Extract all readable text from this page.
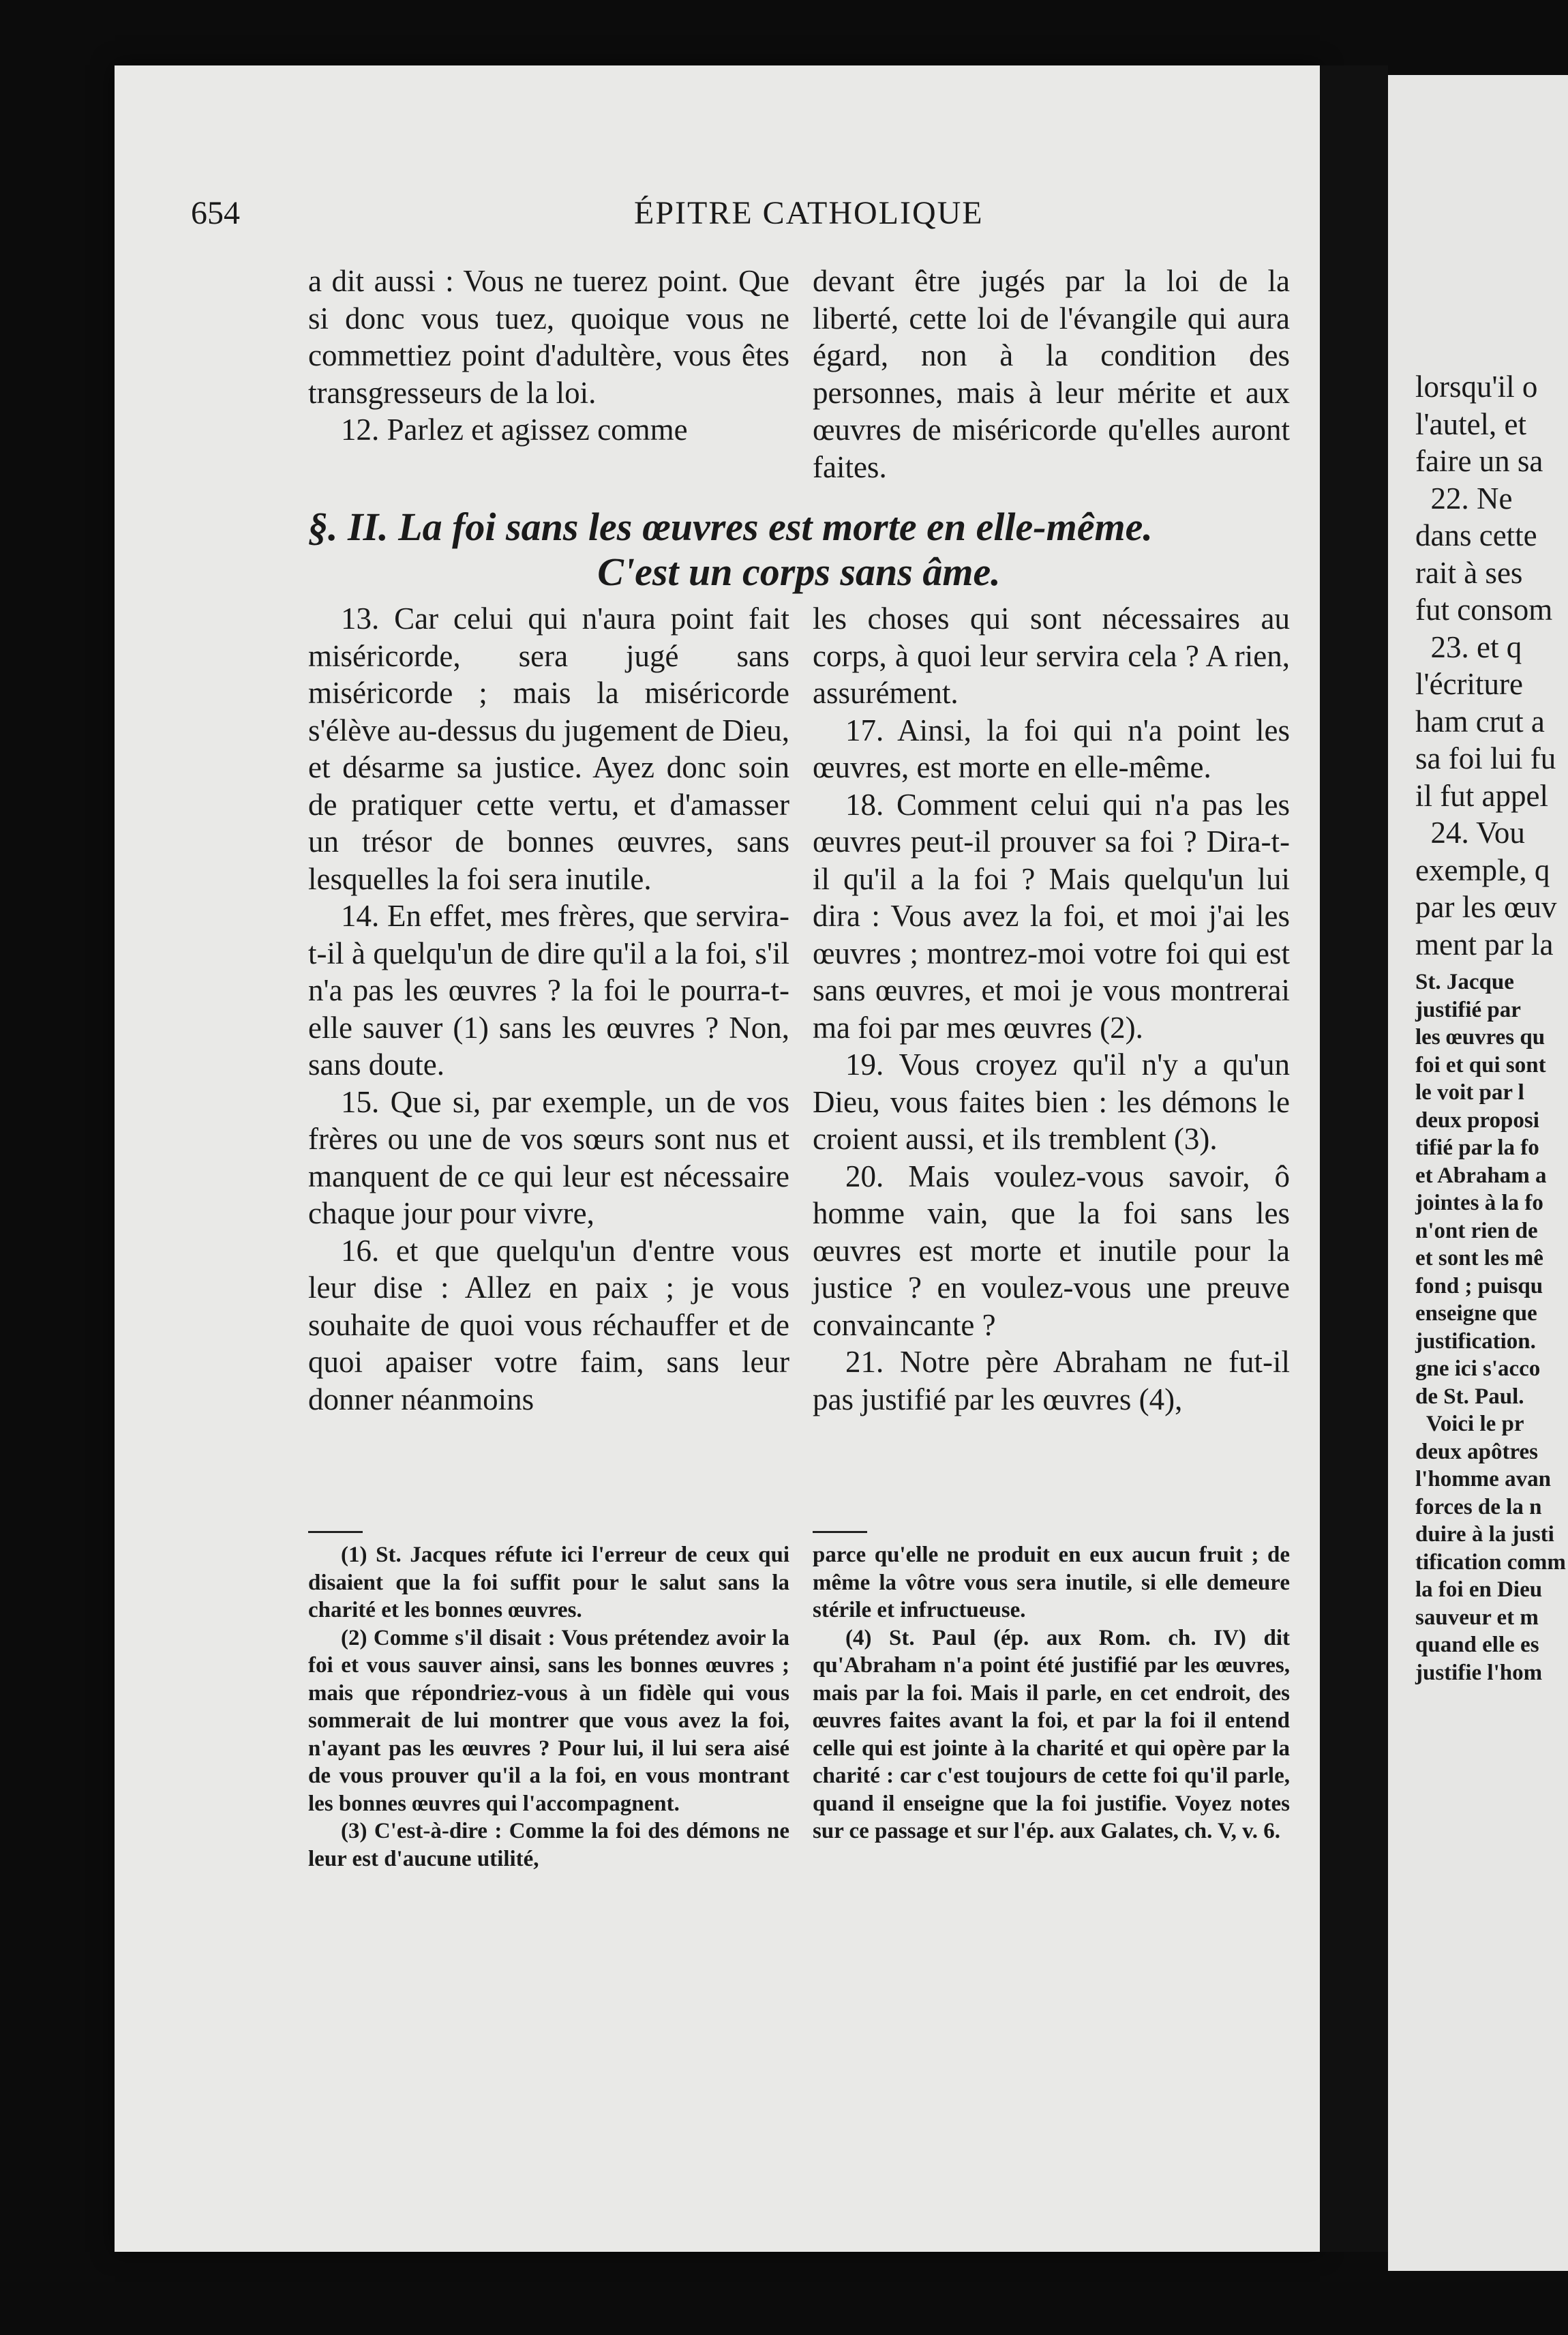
lorsqu'il o
l'autel, et
faire un sa
22. Ne
dans cette
rait à ses
fut consom
23. et q
l'écriture
ham crut a
sa foi lui fu
il fut appel
24. Vou
exemple, q
par les œuv
ment par la
St. Jacque
justifié par
les œuvres qu
foi et qui sont
le voit par l
deux proposi
tifié par la fo
et Abraham a
jointes à la fo
n'ont rien de
et sont les mê
fond ; puisqu
enseigne que
justification.
gne ici s'acco
de St. Paul.
Voici le pr
deux apôtres
l'homme avan
forces de la n
duire à la justi
tification comm
la foi en Dieu
sauveur et m
quand elle es
justifie l'hom
654	ÉPITRE CATHOLIQUE

a dit aussi : Vous ne tuerez point. Que si donc vous tuez, quoique vous ne commettiez point d'adultère, vous êtes transgresseurs de la loi.

12. Parlez et agissez comme

devant être jugés par la loi de la liberté, cette loi de l'évangile qui aura égard, non à la condition des personnes, mais à leur mérite et aux œuvres de miséricorde qu'elles auront faites.

§. II. La foi sans les œuvres est morte en elle-même.
C'est un corps sans âme.

13. Car celui qui n'aura point fait miséricorde, sera jugé sans miséricorde ; mais la miséricorde s'élève au-dessus du jugement de Dieu, et désarme sa justice. Ayez donc soin de pratiquer cette vertu, et d'amasser un trésor de bonnes œuvres, sans lesquelles la foi sera inutile.

14. En effet, mes frères, que servira-t-il à quelqu'un de dire qu'il a la foi, s'il n'a pas les œuvres ? la foi le pourra-t-elle sauver (1) sans les œuvres ? Non, sans doute.

15. Que si, par exemple, un de vos frères ou une de vos sœurs sont nus et manquent de ce qui leur est nécessaire chaque jour pour vivre,

16. et que quelqu'un d'entre vous leur dise : Allez en paix ; je vous souhaite de quoi vous réchauffer et de quoi apaiser votre faim, sans leur donner néanmoins

les choses qui sont nécessaires au corps, à quoi leur servira cela ? A rien, assurément.

17. Ainsi, la foi qui n'a point les œuvres, est morte en elle-même.

18. Comment celui qui n'a pas les œuvres peut-il prouver sa foi ? Dira-t-il qu'il a la foi ? Mais quelqu'un lui dira : Vous avez la foi, et moi j'ai les œuvres ; montrez-moi votre foi qui est sans œuvres, et moi je vous montrerai ma foi par mes œuvres (2).

19. Vous croyez qu'il n'y a qu'un Dieu, vous faites bien : les démons le croient aussi, et ils tremblent (3).

20. Mais voulez-vous savoir, ô homme vain, que la foi sans les œuvres est morte et inutile pour la justice ? en voulez-vous une preuve convaincante ?

21. Notre père Abraham ne fut-il pas justifié par les œuvres (4),

(1) St. Jacques réfute ici l'erreur de ceux qui disaient que la foi suffit pour le salut sans la charité et les bonnes œuvres.

(2) Comme s'il disait : Vous prétendez avoir la foi et vous sauver ainsi, sans les bonnes œuvres ; mais que répondriez-vous à un fidèle qui vous sommerait de lui montrer que vous avez la foi, n'ayant pas les œuvres ? Pour lui, il lui sera aisé de vous prouver qu'il a la foi, en vous montrant les bonnes œuvres qui l'accompagnent.

(3) C'est-à-dire : Comme la foi des démons ne leur est d'aucune utilité,

parce qu'elle ne produit en eux aucun fruit ; de même la vôtre vous sera inutile, si elle demeure stérile et infructueuse.

(4) St. Paul (ép. aux Rom. ch. IV) dit qu'Abraham n'a point été justifié par les œuvres, mais par la foi. Mais il parle, en cet endroit, des œuvres faites avant la foi, et par la foi il entend celle qui est jointe à la charité et qui opère par la charité : car c'est toujours de cette foi qu'il parle, quand il enseigne que la foi justifie. Voyez notes sur ce passage et sur l'ép. aux Galates, ch. V, v. 6.
